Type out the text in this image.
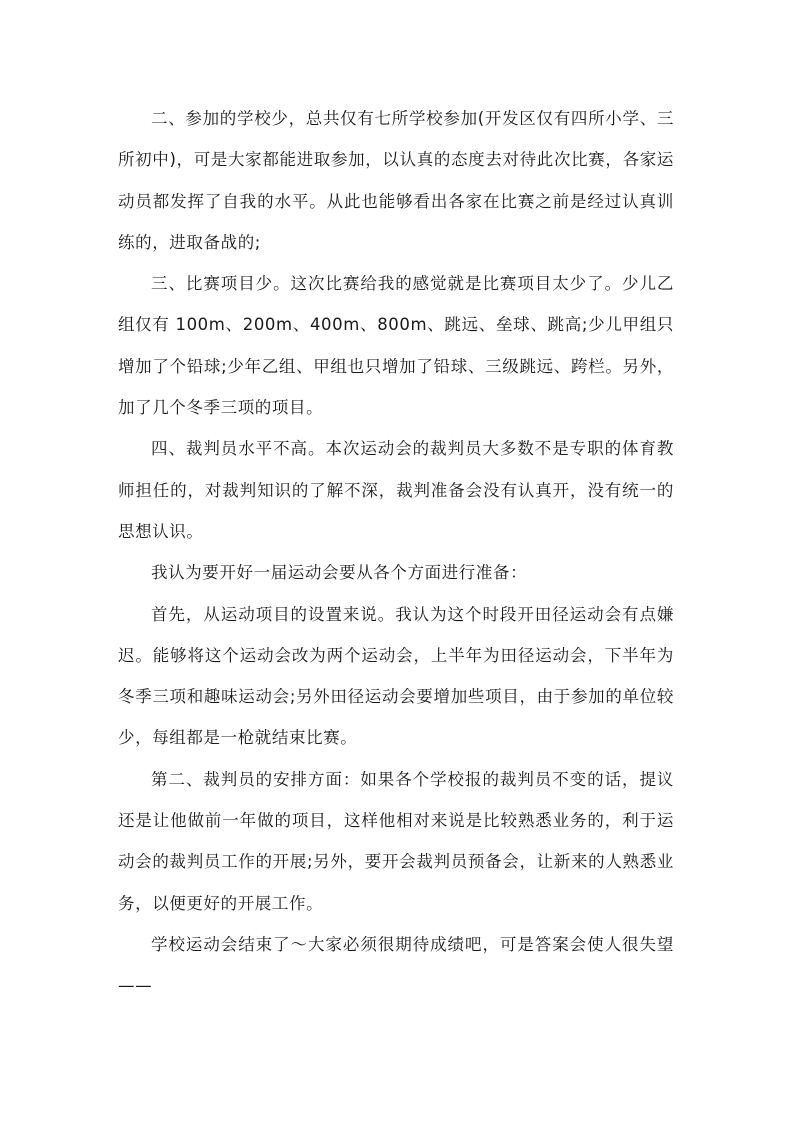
二、参加的学校少，总共仅有七所学校参加(开发区仅有四所小学、三所初中)，可是大家都能进取参加，以认真的态度去对待此次比赛，各家运动员都发挥了自我的水平。从此也能够看出各家在比赛之前是经过认真训练的，进取备战的;

三、比赛项目少。这次比赛给我的感觉就是比赛项目太少了。少儿乙组仅有 100m、200m、400m、800m、跳远、垒球、跳高;少儿甲组只增加了个铅球;少年乙组、甲组也只增加了铅球、三级跳远、跨栏。另外，加了几个冬季三项的项目。

四、裁判员水平不高。本次运动会的裁判员大多数不是专职的体育教师担任的，对裁判知识的了解不深，裁判准备会没有认真开，没有统一的思想认识。

我认为要开好一届运动会要从各个方面进行准备：

首先，从运动项目的设置来说。我认为这个时段开田径运动会有点嫌迟。能够将这个运动会改为两个运动会，上半年为田径运动会，下半年为冬季三项和趣味运动会;另外田径运动会要增加些项目，由于参加的单位较少，每组都是一枪就结束比赛。

第二、裁判员的安排方面：如果各个学校报的裁判员不变的话，提议还是让他做前一年做的项目，这样他相对来说是比较熟悉业务的，利于运动会的裁判员工作的开展;另外，要开会裁判员预备会，让新来的人熟悉业务，以便更好的开展工作。

学校运动会结束了～大家必须很期待成绩吧，可是答案会使人很失望——
